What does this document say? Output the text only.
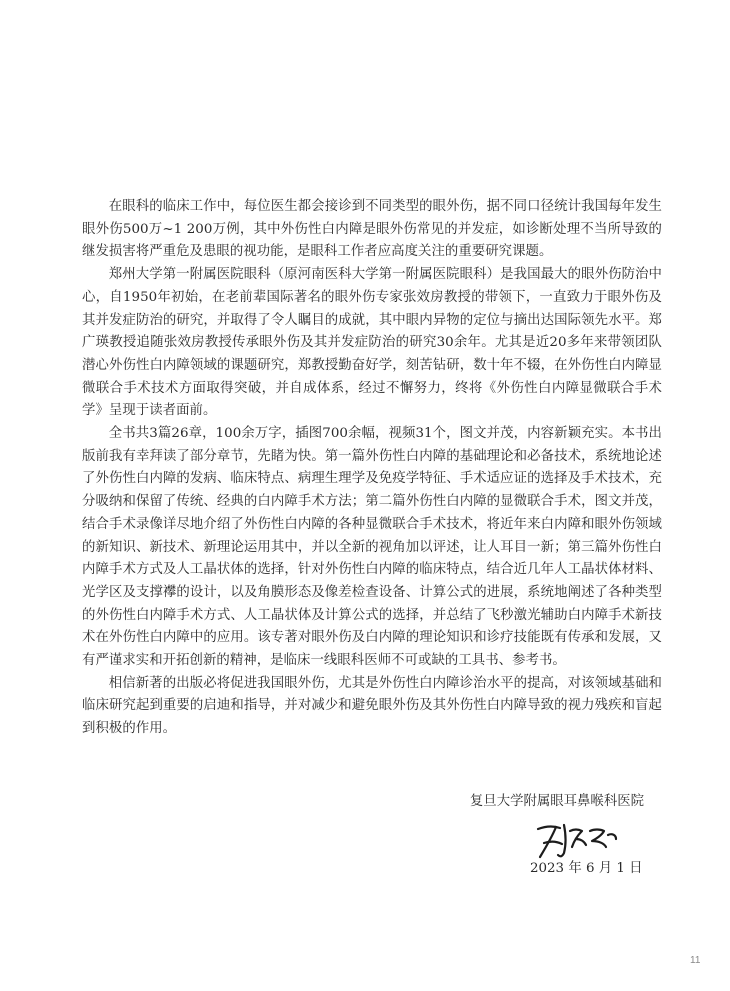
在眼科的临床工作中，每位医生都会接诊到不同类型的眼外伤，据不同口径统计我国每年发生眼外伤500万~1 200万例，其中外伤性白内障是眼外伤常见的并发症，如诊断处理不当所导致的继发损害将严重危及患眼的视功能，是眼科工作者应高度关注的重要研究课题。

郑州大学第一附属医院眼科（原河南医科大学第一附属医院眼科）是我国最大的眼外伤防治中心，自1950年初始，在老前辈国际著名的眼外伤专家张效房教授的带领下，一直致力于眼外伤及其并发症防治的研究，并取得了令人瞩目的成就，其中眼内异物的定位与摘出达国际领先水平。郑广瑛教授追随张效房教授传承眼外伤及其并发症防治的研究30余年。尤其是近20多年来带领团队潜心外伤性白内障领域的课题研究，郑教授勤奋好学，刻苦钻研，数十年不辍，在外伤性白内障显微联合手术技术方面取得突破，并自成体系，经过不懈努力，终将《外伤性白内障显微联合手术学》呈现于读者面前。

全书共3篇26章，100余万字，插图700余幅，视频31个，图文并茂，内容新颖充实。本书出版前我有幸拜读了部分章节，先睹为快。第一篇外伤性白内障的基础理论和必备技术，系统地论述了外伤性白内障的发病、临床特点、病理生理学及免疫学特征、手术适应证的选择及手术技术，充分吸纳和保留了传统、经典的白内障手术方法；第二篇外伤性白内障的显微联合手术，图文并茂，结合手术录像详尽地介绍了外伤性白内障的各种显微联合手术技术，将近年来白内障和眼外伤领域的新知识、新技术、新理论运用其中，并以全新的视角加以评述，让人耳目一新；第三篇外伤性白内障手术方式及人工晶状体的选择，针对外伤性白内障的临床特点，结合近几年人工晶状体材料、光学区及支撑襻的设计，以及角膜形态及像差检查设备、计算公式的进展，系统地阐述了各种类型的外伤性白内障手术方式、人工晶状体及计算公式的选择，并总结了飞秒激光辅助白内障手术新技术在外伤性白内障中的应用。该专著对眼外伤及白内障的理论知识和诊疗技能既有传承和发展，又有严谨求实和开拓创新的精神，是临床一线眼科医师不可或缺的工具书、参考书。

相信新著的出版必将促进我国眼外伤，尤其是外伤性白内障诊治水平的提高，对该领域基础和临床研究起到重要的启迪和指导，并对减少和避免眼外伤及其外伤性白内障导致的视力残疾和盲起到积极的作用。

复旦大学附属眼耳鼻喉科医院

2023 年 6 月 1 日
11
